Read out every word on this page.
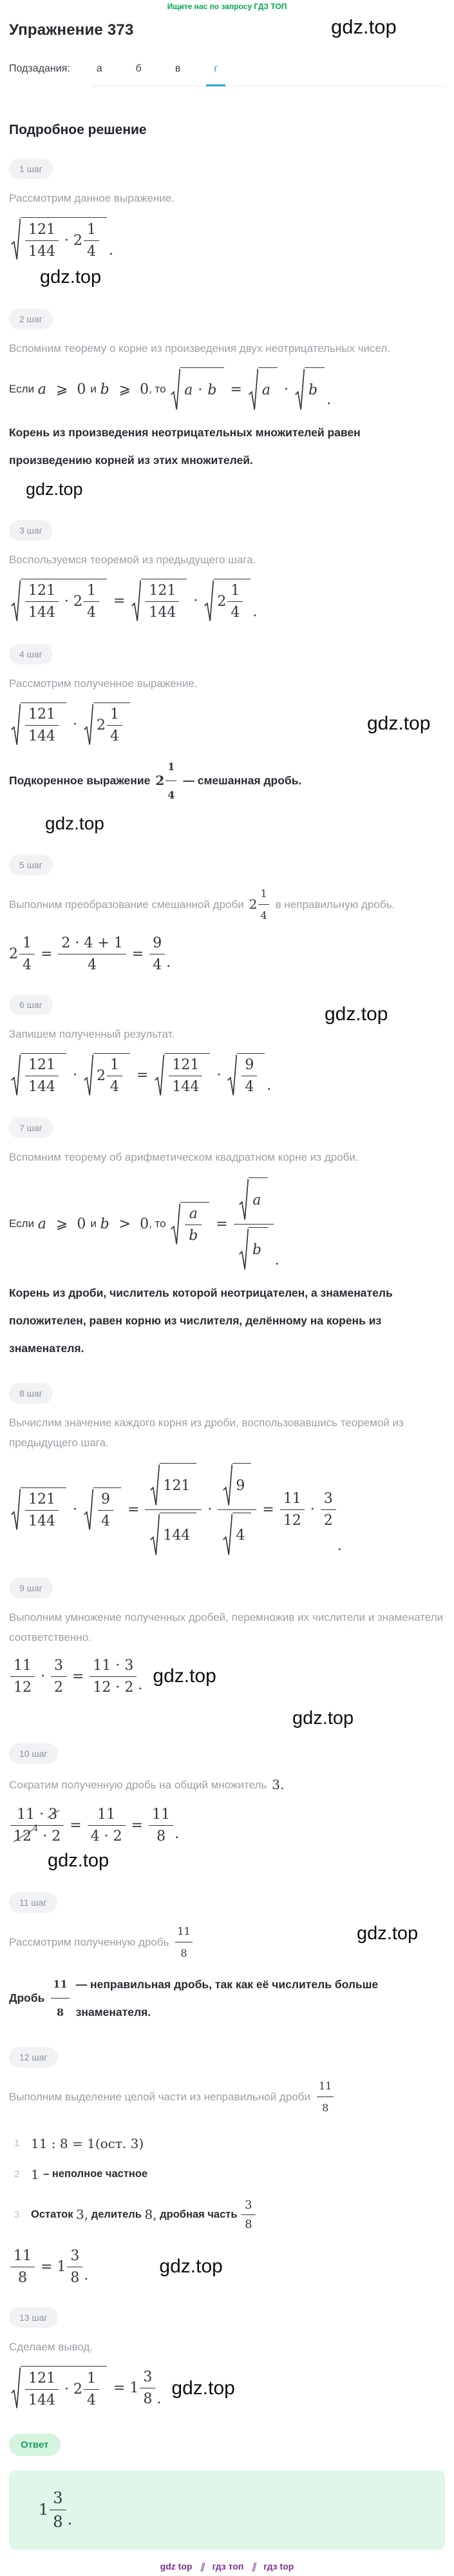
Ищите нас по запросу ГДЗ ТОП
Упражнение 373	gdz.top
Подзадания:	а	б	в	г
Подробное решение
1 шаг

Рассмотрим данное выражение.

121
144
· 2
1
4 .
gdz.top
2 шаг

Вспомним теорему о корне из произведения двух неотрицательных чисел.

Если a ⩾  0 и b ⩾  0 , то a · b = a · b
.

Корень из произведения неотрицательных множителей равен произведению корней из этих множителей.

gdz.top
3 шаг

Воспользуемся теоремой из предыдущего шага.

121
144
· 2
1
4
=
121
144
· 2
1
4 .
4 шаг

Рассмотрим полученное выражение.

121
144
· 2
1
4
gdz.top

Подкоренное выражение 2
1
4
— смешанная дробь.

gdz.top
5 шаг

Выполним преобразование смешанной дроби 2
1
4
в неправильную дробь.

$2 \frac{1}{4} = \frac{2 \cdot 4 + 1}{4} = \frac{9}{4}$ .
6 шаг	gdz.top

Запишем полученный результат.

121
144
· 2
1
4
=
121
144
·
9
4 .
7 шаг

Вспомним теорему об арифметическом квадратном корне из дроби.

Если a ⩾  0 и b >  0 , то
a
b
= $\frac{a}{b}$ .

Корень из дроби, числитель которой неотрицателен, а знаменатель положителен, равен корню из числителя, делённому на корень из знаменателя.

8 шаг

Вычислим значение каждого корня из дроби, воспользовавшись теоремой из предыдущего шага.

121
144
·
9
4
= $\frac{121}{144} \cdot \frac{9}{4} = \frac{11}{12}$ ·
3
2
.
9 шаг

Выполним умножение полученных дробей, перемножив их числители и знаменатели соответственно.

11
12
· $\frac{3}{2} = \frac{11 \cdot 3}{12 \cdot 2}$ . gdz.top
gdz.top
10 шаг

Сократим полученную дробь на общий множитель 3.

$\frac{11 \cdot 3}{12 4 \cdot 2} = \frac{11}{4 \cdot 2} = \frac{11}{8}$ .
gdz.top
11 шаг
gdz.top

Рассмотрим полученную дробь
11
8

Дробь
11
8
— неправильная дробь, так как её числитель больше знаменателя.

12 шаг

Выполним выделение целой части из неправильной дроби
11
8

1 11 : 8 = 1(ост. 3)
2 1 – неполное частное
3	Остаток 3, делитель 8, дробная часть
3
8
$\frac{11}{8} = 1$
3
8 .	gdz.top
13 шаг

Сделаем вывод.

121
144
· 2
1
4
= 1
3
8 .
gdz.top
Ответ
1
3
8 .
gdz top ∥ гдз топ ∥ гдз top
